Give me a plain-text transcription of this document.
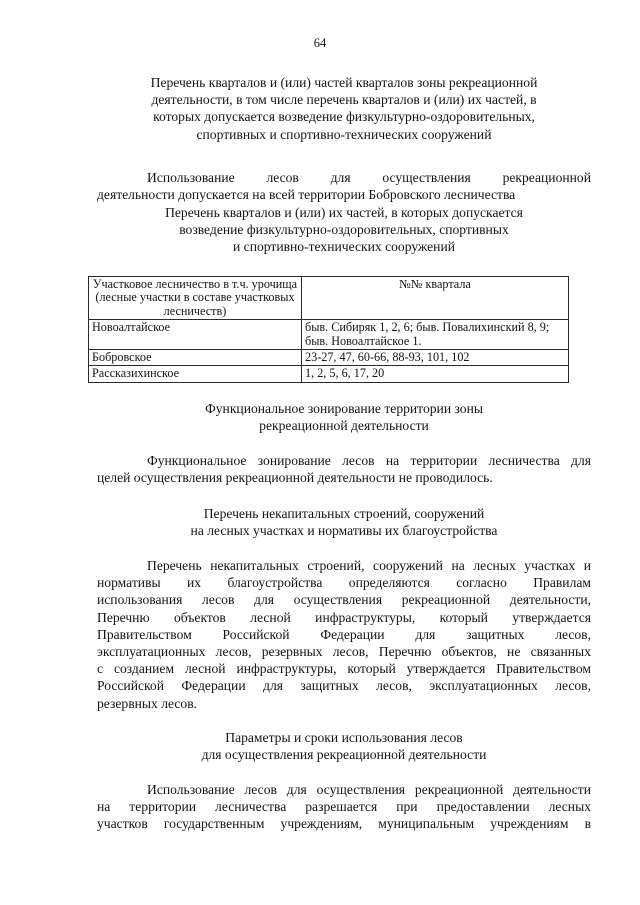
64
Перечень кварталов и (или) частей кварталов зоны рекреационной
деятельности, в том числе перечень кварталов и (или) их частей, в
которых допускается возведение физкультурно-оздоровительных,
спортивных и спортивно-технических сооружений
Использование лесов для осуществления рекреационной
деятельности допускается на всей территории Бобровского лесничества
Перечень кварталов и (или) их частей, в которых допускается
возведение физкультурно-оздоровительных, спортивных
и спортивно-технических сооружений
Участковое лесничество в т.ч. урочища (лесные участки в составе участковых лесничеств)	№№ квартала
Новоалтайское	быв. Сибиряк 1, 2, 6; быв. Повалихинский 8, 9; быв. Новоалтайское 1.
Бобровское	23-27, 47, 60-66, 88-93, 101, 102
Рассказихинское	1, 2, 5, 6, 17, 20
Функциональное зонирование территории зоны
рекреационной деятельности
Функциональное зонирование лесов на территории лесничества для
целей осуществления рекреационной деятельности не проводилось.
Перечень некапитальных строений, сооружений
на лесных участках и нормативы их благоустройства
Перечень некапитальных строений, сооружений на лесных участках и
нормативы их благоустройства определяются согласно Правилам
использования лесов для осуществления рекреационной деятельности,
Перечню объектов лесной инфраструктуры, который утверждается
Правительством Российской Федерации для защитных лесов,
эксплуатационных лесов, резервных лесов, Перечню объектов, не связанных
с созданием лесной инфраструктуры, который утверждается Правительством
Российской Федерации для защитных лесов, эксплуатационных лесов,
резервных лесов.
Параметры и сроки использования лесов
для осуществления рекреационной деятельности
Использование лесов для осуществления рекреационной деятельности
на территории лесничества разрешается при предоставлении лесных
участков государственным учреждениям, муниципальным учреждениям в
